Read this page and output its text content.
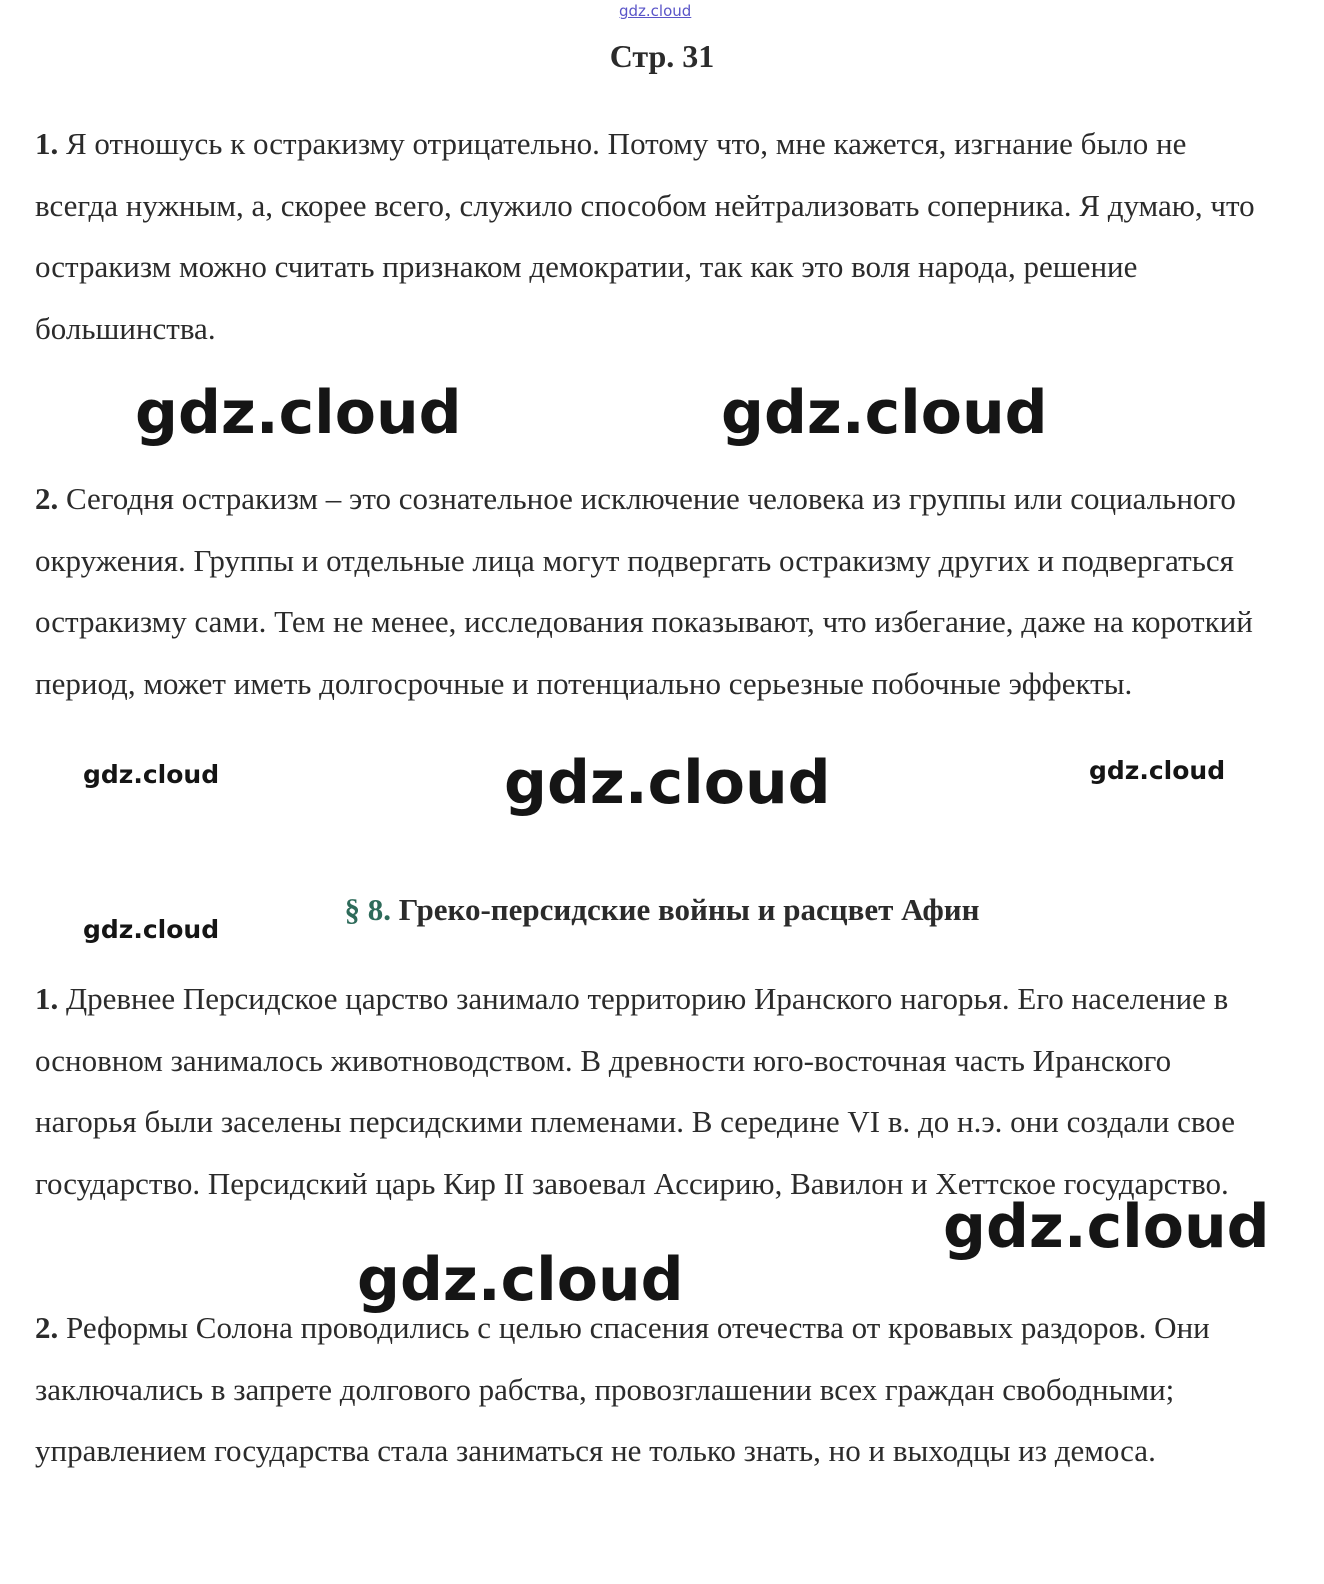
gdz.cloud
Стр. 31

1. Я отношусь к остракизму отрицательно. Потому что, мне кажется, изгнание было не всегда нужным, а, скорее всего, служило способом нейтрализовать соперника. Я думаю, что остракизм можно считать признаком демократии, так как это воля народа, решение большинства.

gdz.cloud	gdz.cloud

2. Сегодня остракизм – это сознательное исключение человека из группы или социального окружения. Группы и отдельные лица могут подвергать остракизму других и подвергаться остракизму сами. Тем не менее, исследования показывают, что избегание, даже на короткий период, может иметь долгосрочные и потенциально серьезные побочные эффекты.

gdz.cloud	gdz.cloud	gdz.cloud
§ 8. Греко-персидские войны и расцвет Афин
gdz.cloud

1. Древнее Персидское царство занимало территорию Иранского нагорья. Его население в основном занималось животноводством. В древности юго-восточная часть Иранского нагорья были заселены персидскими племенами. В середине VI в. до н.э. они создали свое государство. Персидский царь Кир II завоевал Ассирию, Вавилон и Хеттское государство.

gdz.cloud
gdz.cloud

2. Реформы Солона проводились с целью спасения отечества от кровавых раздоров. Они заключались в запрете долгового рабства, провозглашении всех граждан свободными; управлением государства стала заниматься не только знать, но и выходцы из демоса.
